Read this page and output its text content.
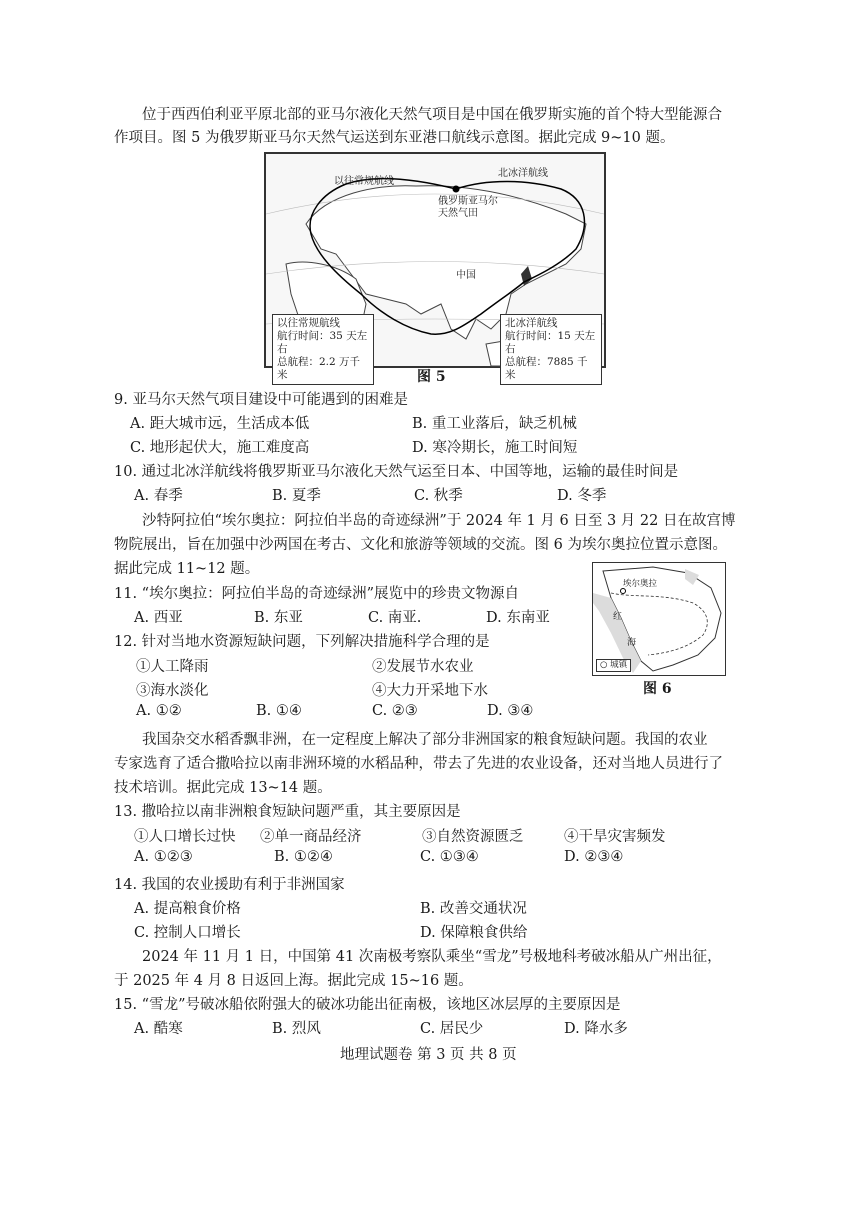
位于西西伯利亚平原北部的亚马尔液化天然气项目是中国在俄罗斯实施的首个特大型能源合
作项目。图 5 为俄罗斯亚马尔天然气运送到东亚港口航线示意图。据此完成 9~10 题。
以往常规航线
北冰洋航线
俄罗斯亚马尔天然气田
中国
以往常规航线
航行时间：35 天左右
总航程：2.2 万千米
北冰洋航线
航行时间：15 天左右
总航程：7885 千米
图 5
9. 亚马尔天然气项目建设中可能遇到的困难是
A. 距大城市远，生活成本低	B. 重工业落后，缺乏机械
C. 地形起伏大，施工难度高	D. 寒冷期长，施工时间短
10. 通过北冰洋航线将俄罗斯亚马尔液化天然气运至日本、中国等地，运输的最佳时间是
A. 春季	B. 夏季	C. 秋季	D. 冬季
沙特阿拉伯“埃尔奥拉：阿拉伯半岛的奇迹绿洲”于 2024 年 1 月 6 日至 3 月 22 日在故宫博
物院展出，旨在加强中沙两国在考古、文化和旅游等领域的交流。图 6 为埃尔奥拉位置示意图。
据此完成 11~12 题。
埃尔奥拉
红
海
○ 城镇
图 6
11. “埃尔奥拉：阿拉伯半岛的奇迹绿洲”展览中的珍贵文物源自
A. 西亚	B. 东亚	C. 南亚.	D. 东南亚
12. 针对当地水资源短缺问题，下列解决措施科学合理的是
①人工降雨	②发展节水农业
③海水淡化	④大力开采地下水
A. ①②	B. ①④	C. ②③	D. ③④
我国杂交水稻香飘非洲，在一定程度上解决了部分非洲国家的粮食短缺问题。我国的农业
专家选育了适合撒哈拉以南非洲环境的水稻品种，带去了先进的农业设备，还对当地人员进行了
技术培训。据此完成 13~14 题。
13. 撒哈拉以南非洲粮食短缺问题严重，其主要原因是
①人口增长过快 ②单一商品经济	③自然资源匮乏	④干旱灾害频发
A. ①②③	B. ①②④	C. ①③④	D. ②③④
14. 我国的农业援助有利于非洲国家
A. 提高粮食价格	B. 改善交通状况
C. 控制人口增长	D. 保障粮食供给
2024 年 11 月 1 日，中国第 41 次南极考察队乘坐“雪龙”号极地科考破冰船从广州出征，
于 2025 年 4 月 8 日返回上海。据此完成 15~16 题。
15. “雪龙”号破冰船依附强大的破冰功能出征南极，该地区冰层厚的主要原因是
A. 酷寒	B. 烈风	C. 居民少	D. 降水多
地理试题卷 第 3 页 共 8 页
